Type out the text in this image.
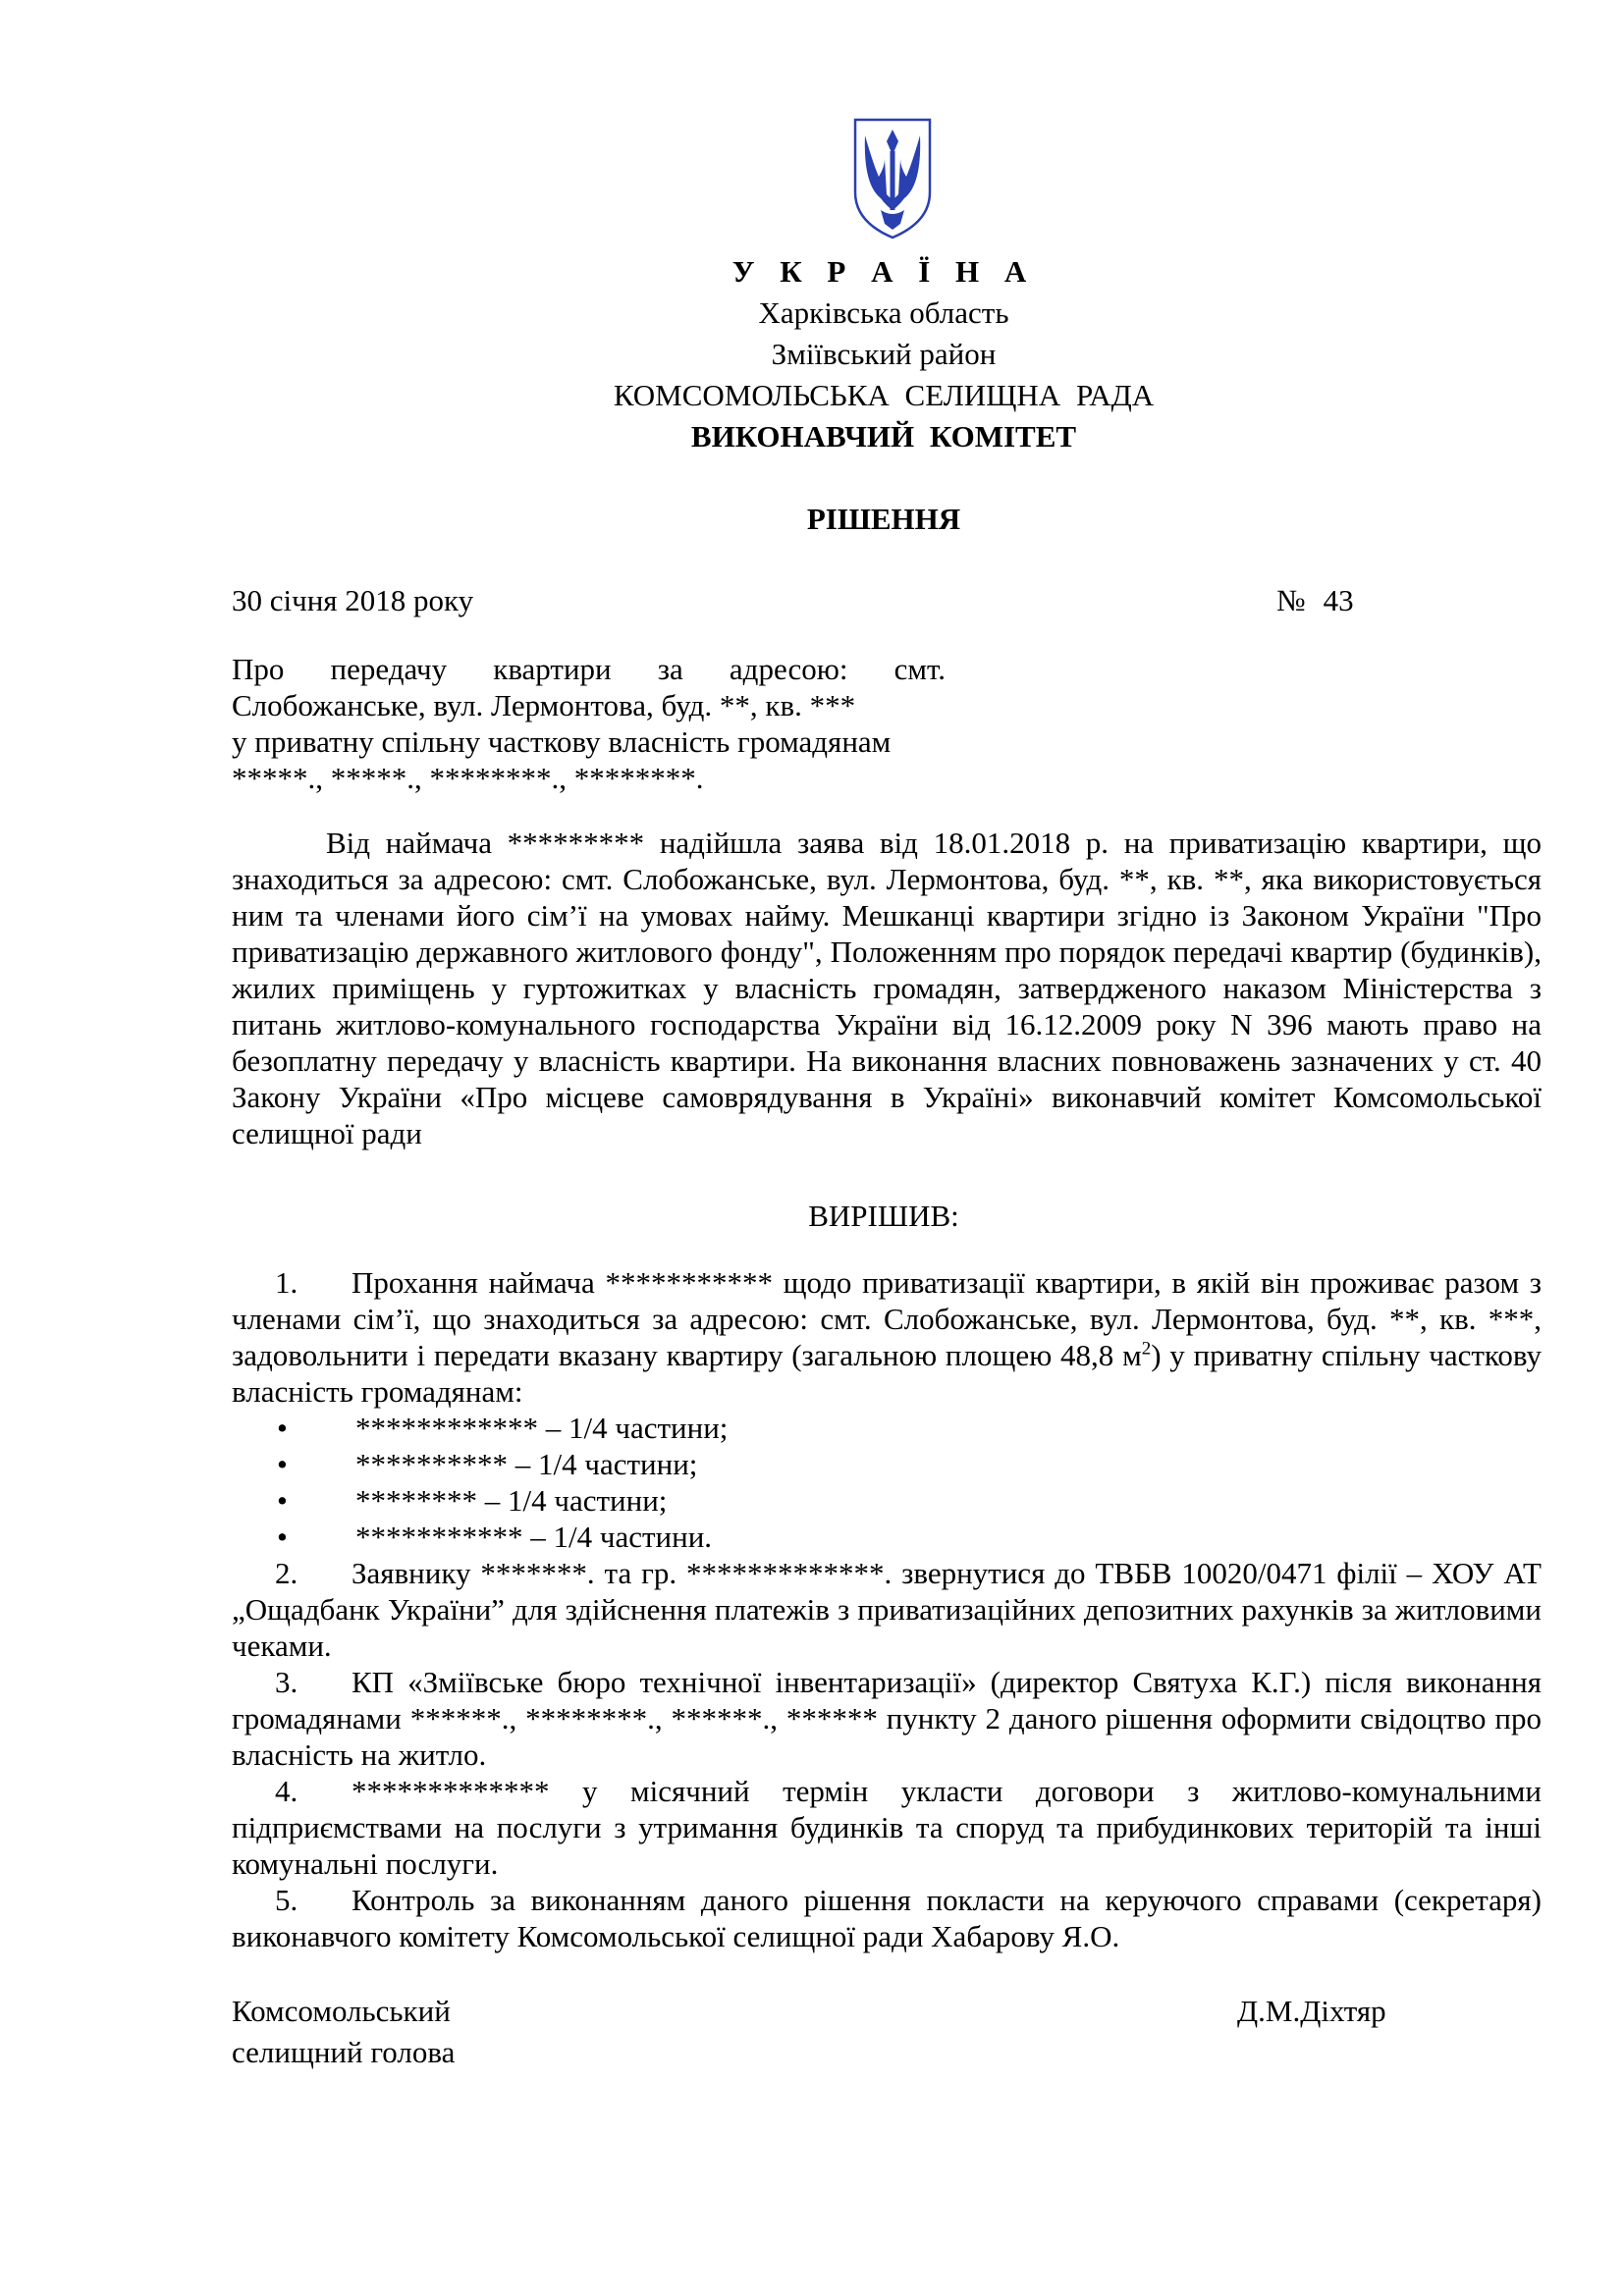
У К Р А Ї Н А
Харківська область
Зміївський район
КОМСОМОЛЬСЬКА СЕЛИЩНА РАДА
ВИКОНАВЧИЙ КОМІТЕТ
РІШЕННЯ
30 січня 2018 року	№ 43

Про передачу квартири за адресою: смт.

Слобожанське, вул. Лермонтова, буд. **, кв. ***

у приватну спільну часткову власність громадянам

*****., *****., ********., ********.

Від наймача ********* надійшла заява від 18.01.2018 р. на приватизацію квартири, що знаходиться за адресою: смт. Слобожанське, вул. Лермонтова, буд. **, кв. **, яка використовується ним та членами його сім’ї на умовах найму. Мешканці квартири згідно із Законом України "Про приватизацію державного житлового фонду", Положенням про порядок передачі квартир (будинків), жилих приміщень у гуртожитках у власність громадян, затвердженого наказом Міністерства з питань житлово-комунального господарства України від 16.12.2009 року N 396 мають право на безоплатну передачу у власність квартири. На виконання власних повноважень зазначених у ст. 40 Закону України «Про місцеве самоврядування в Україні» виконавчий комітет Комсомольської селищної ради

ВИРІШИВ:

1. Прохання наймача *********** щодо приватизації квартири, в якій він проживає разом з членами сім’ї, що знаходиться за адресою: смт. Слобожанське, вул. Лермонтова, буд. **, кв. ***, задовольнити і передати вказану квартиру (загальною площею 48,8 $м^2$) у приватну спільну часткову власність громадянам:

• ************ – 1/4 частини;
• ********** – 1/4 частини;
• ******** – 1/4 частини;
• *********** – 1/4 частини.

2. Заявнику *******. та гр. *************. звернутися до ТВБВ 10020/0471 філії – ХОУ АТ „Ощадбанк України” для здійснення платежів з приватизаційних депозитних рахунків за житловими чеками.

3. КП «Зміївське бюро технічної інвентаризації» (директор Святуха К.Г.) після виконання громадянами ******., ********., ******., ****** пункту 2 даного рішення оформити свідоцтво про власність на житло.

4. ************* у місячний термін укласти договори з житлово-комунальними підприємствами на послуги з утримання будинків та споруд та прибудинкових територій та інші комунальні послуги.

5. Контроль за виконанням даного рішення покласти на керуючого справами (секретаря) виконавчого комітету Комсомольської селищної ради Хабарову Я.О.

Комсомольський
селищний голова
Д.М.Діхтяр
